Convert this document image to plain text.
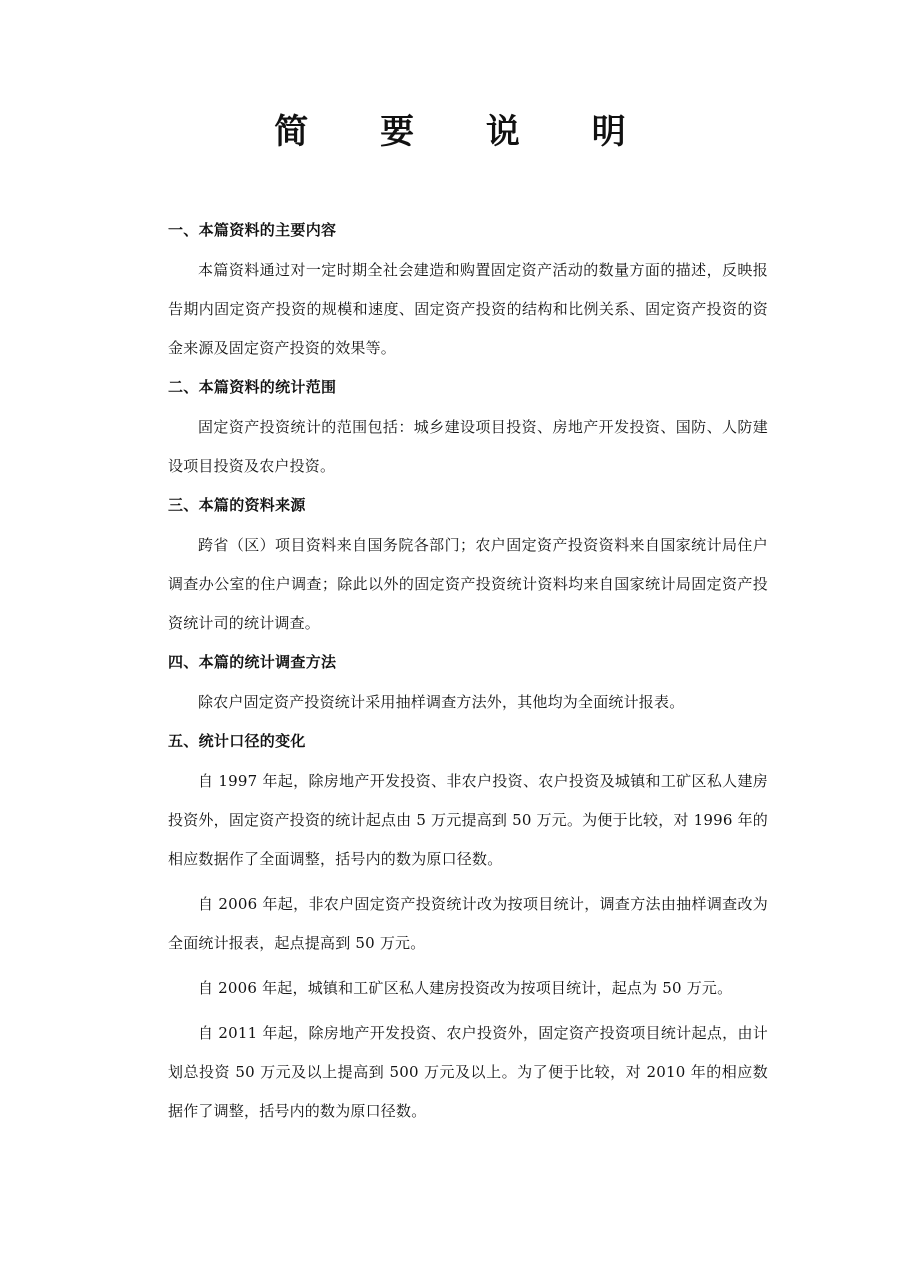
简 要 说 明
一、本篇资料的主要内容

本篇资料通过对一定时期全社会建造和购置固定资产活动的数量方面的描述，反映报告期内固定资产投资的规模和速度、固定资产投资的结构和比例关系、固定资产投资的资金来源及固定资产投资的效果等。

二、本篇资料的统计范围

固定资产投资统计的范围包括：城乡建设项目投资、房地产开发投资、国防、人防建设项目投资及农户投资。

三、本篇的资料来源

跨省（区）项目资料来自国务院各部门；农户固定资产投资资料来自国家统计局住户调查办公室的住户调查；除此以外的固定资产投资统计资料均来自国家统计局固定资产投资统计司的统计调查。

四、本篇的统计调查方法

除农户固定资产投资统计采用抽样调查方法外，其他均为全面统计报表。

五、统计口径的变化

自 1997 年起，除房地产开发投资、非农户投资、农户投资及城镇和工矿区私人建房投资外，固定资产投资的统计起点由 5 万元提高到 50 万元。为便于比较，对 1996 年的相应数据作了全面调整，括号内的数为原口径数。

自 2006 年起，非农户固定资产投资统计改为按项目统计，调查方法由抽样调查改为全面统计报表，起点提高到 50 万元。

自 2006 年起，城镇和工矿区私人建房投资改为按项目统计，起点为 50 万元。

自 2011 年起，除房地产开发投资、农户投资外，固定资产投资项目统计起点，由计划总投资 50 万元及以上提高到 500 万元及以上。为了便于比较，对 2010 年的相应数据作了调整，括号内的数为原口径数。
